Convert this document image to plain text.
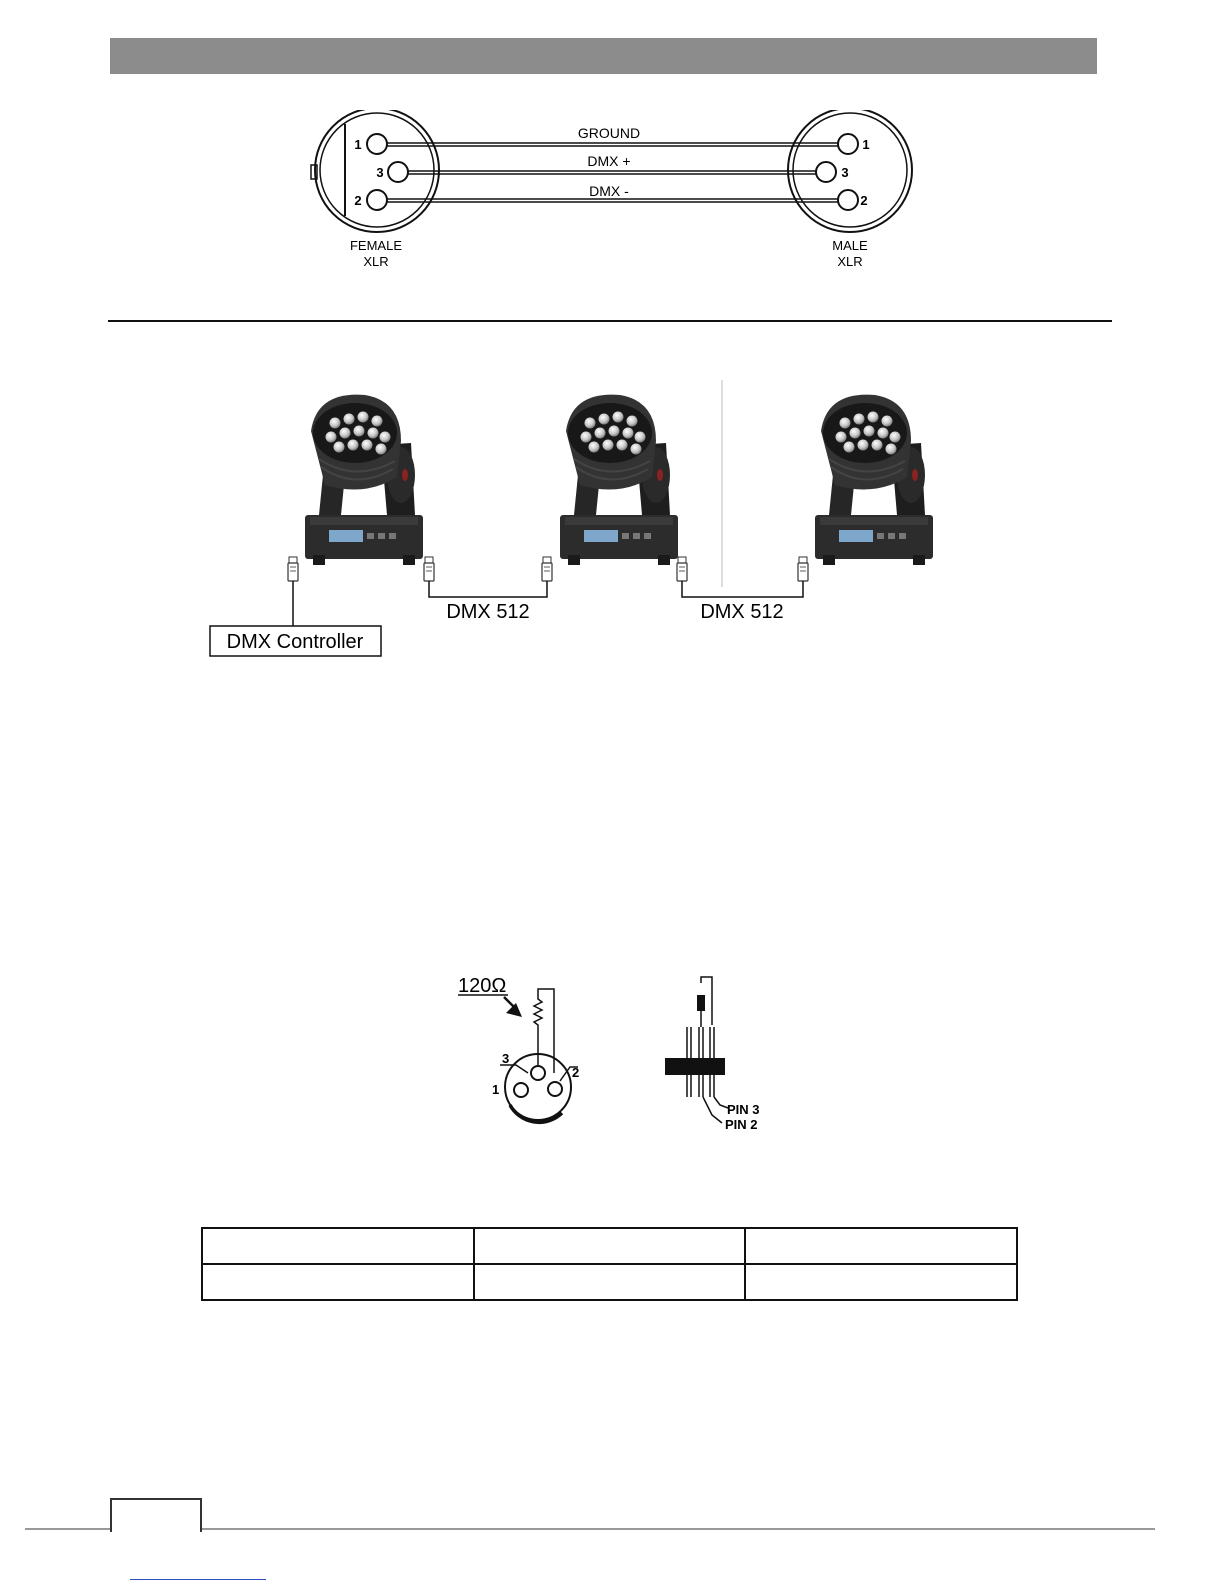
1
3
2
1
3
2
GROUND
DMX +
DMX -
FEMALE
XLR
MALE
XLR
DMX 512	DMX 512
DMX Controller
120Ω
3
1
2
PIN 3
PIN 2
